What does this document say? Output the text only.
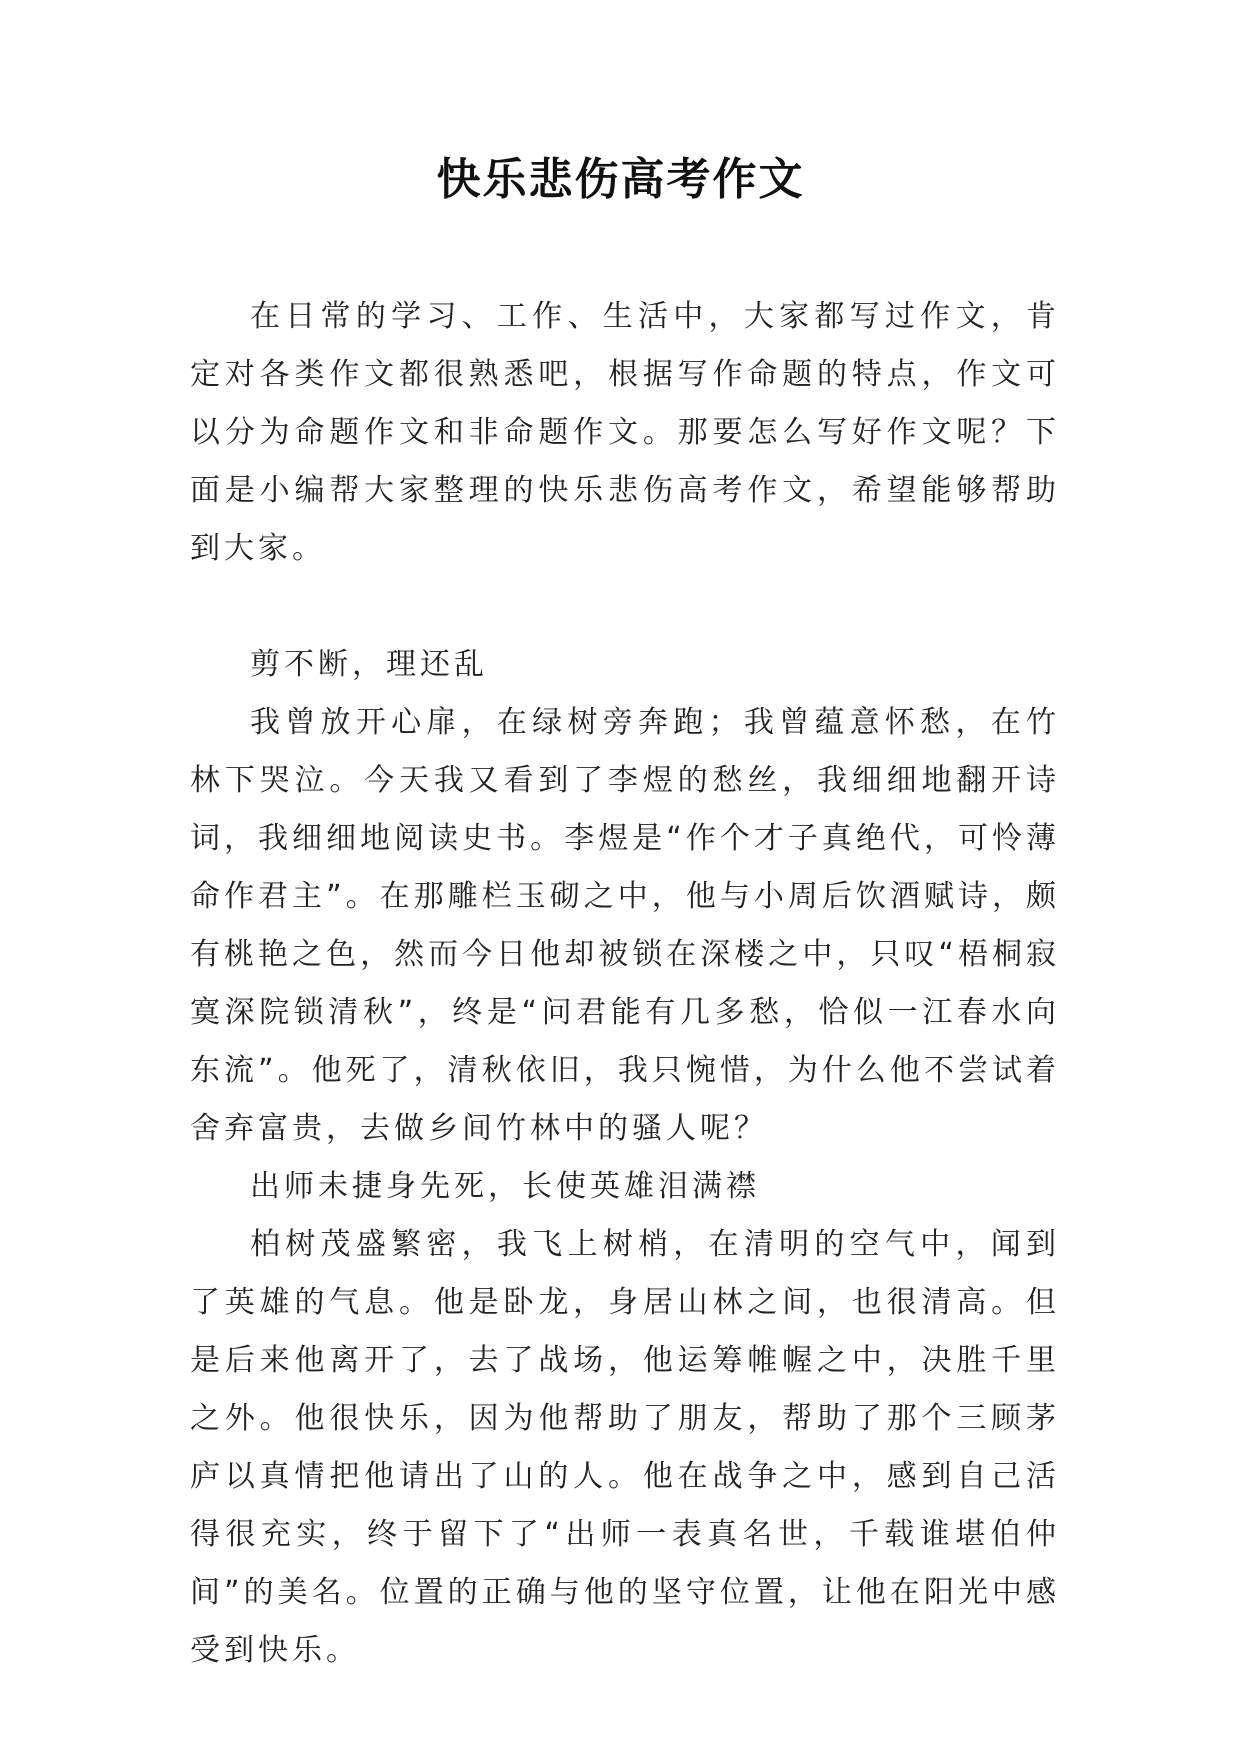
快乐悲伤高考作文

在日常的学习、工作、生活中，大家都写过作文，肯定对各类作文都很熟悉吧，根据写作命题的特点，作文可以分为命题作文和非命题作文。那要怎么写好作文呢？下面是小编帮大家整理的快乐悲伤高考作文，希望能够帮助到大家。

剪不断，理还乱

我曾放开心扉，在绿树旁奔跑；我曾蕴意怀愁，在竹林下哭泣。今天我又看到了李煜的愁丝，我细细地翻开诗词，我细细地阅读史书。李煜是“作个才子真绝代，可怜薄命作君主”。在那雕栏玉砌之中，他与小周后饮酒赋诗，颇有桃艳之色，然而今日他却被锁在深楼之中，只叹“梧桐寂寞深院锁清秋”，终是“问君能有几多愁，恰似一江春水向东流”。他死了，清秋依旧，我只惋惜，为什么他不尝试着舍弃富贵，去做乡间竹林中的骚人呢？

出师未捷身先死，长使英雄泪满襟

柏树茂盛繁密，我飞上树梢，在清明的空气中，闻到了英雄的气息。他是卧龙，身居山林之间，也很清高。但是后来他离开了，去了战场，他运筹帷幄之中，决胜千里之外。他很快乐，因为他帮助了朋友，帮助了那个三顾茅庐以真情把他请出了山的人。他在战争之中，感到自己活得很充实，终于留下了“出师一表真名世，千载谁堪伯仲间”的美名。位置的正确与他的坚守位置，让他在阳光中感受到快乐。
